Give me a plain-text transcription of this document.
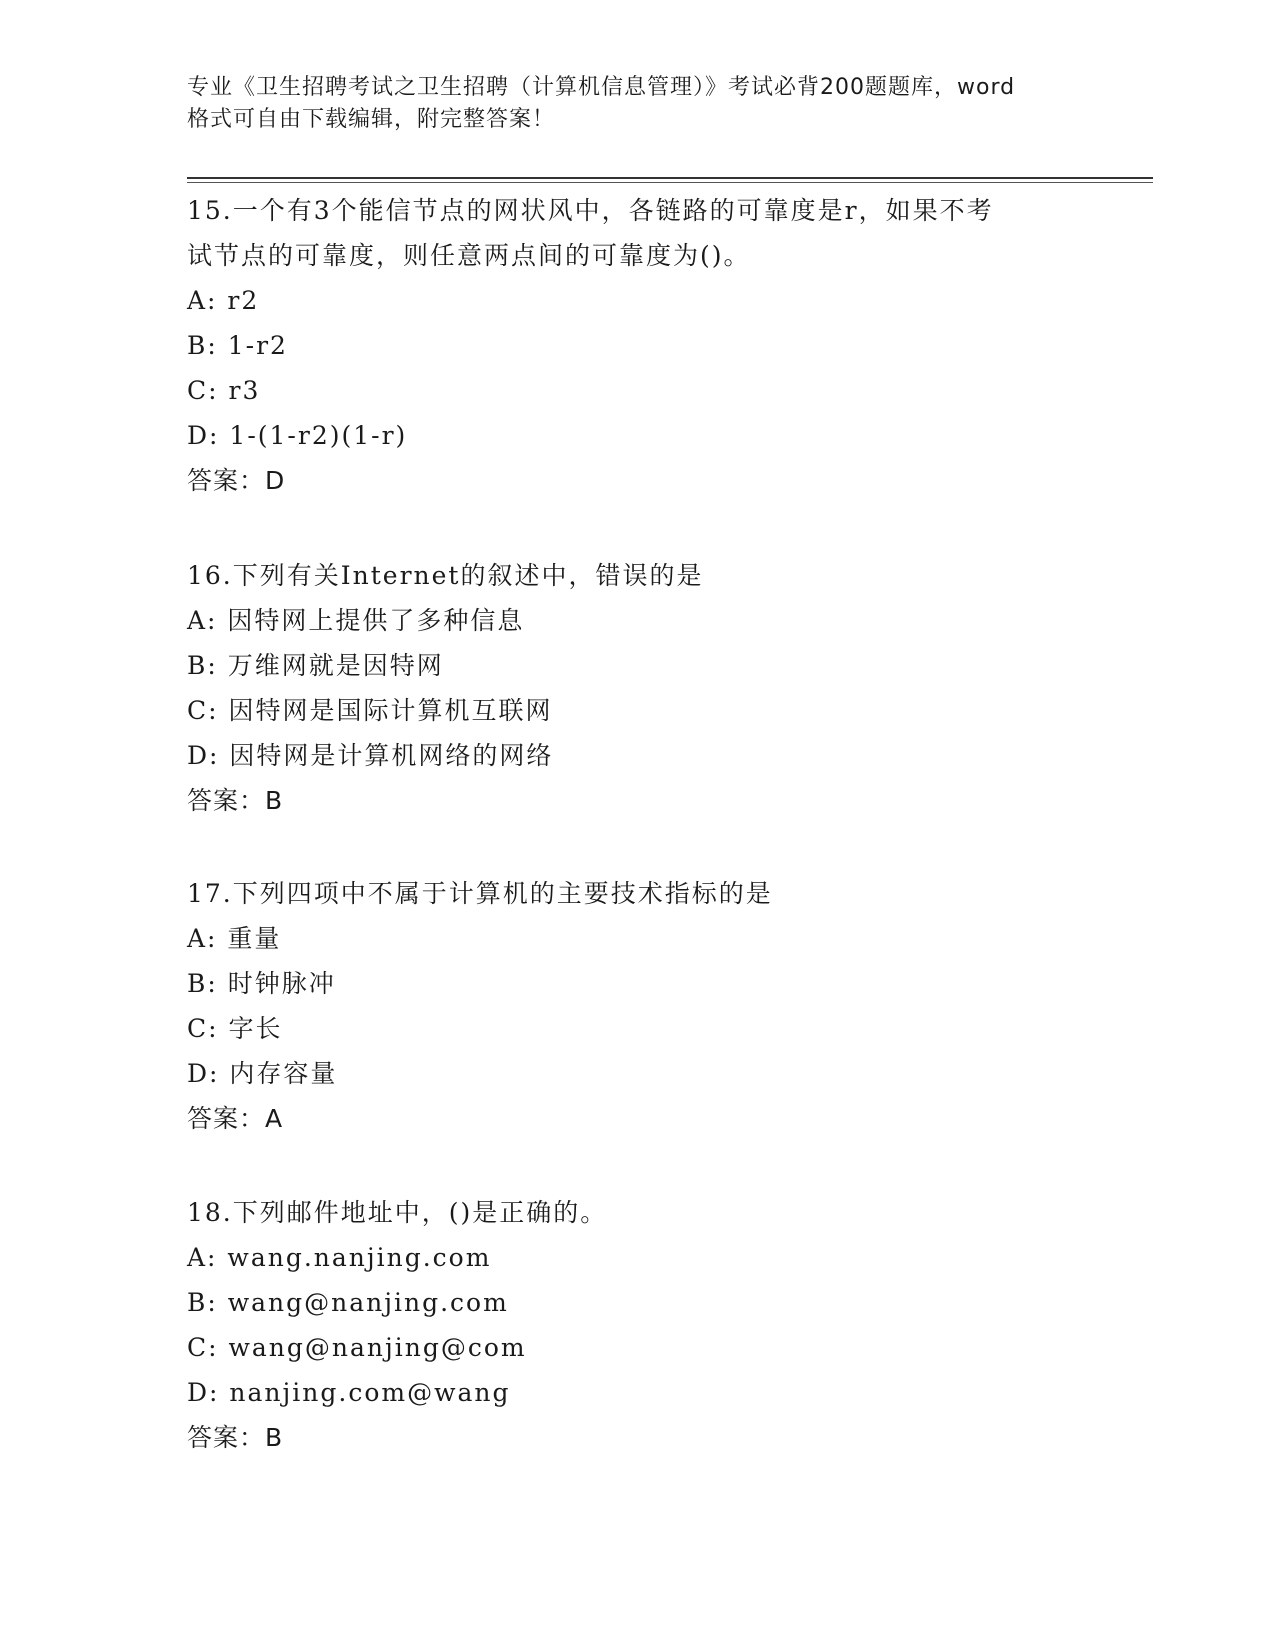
专业《卫生招聘考试之卫生招聘（计算机信息管理）》考试必背200题题库，word
格式可自由下载编辑，附完整答案！

15.一个有3个能信节点的网状风中，各链路的可靠度是r，如果不考

试节点的可靠度，则任意两点间的可靠度为()。

A: r2

B: 1-r2

C: r3

D: 1-(1-r2)(1-r)

答案：D

16.下列有关Internet的叙述中，错误的是

A: 因特网上提供了多种信息

B: 万维网就是因特网

C: 因特网是国际计算机互联网

D: 因特网是计算机网络的网络

答案：B

17.下列四项中不属于计算机的主要技术指标的是

A: 重量

B: 时钟脉冲

C: 字长

D: 内存容量

答案：A

18.下列邮件地址中，()是正确的。

A: wang.nanjing.com

B: wang@nanjing.com

C: wang@nanjing@com

D: nanjing.com@wang

答案：B
